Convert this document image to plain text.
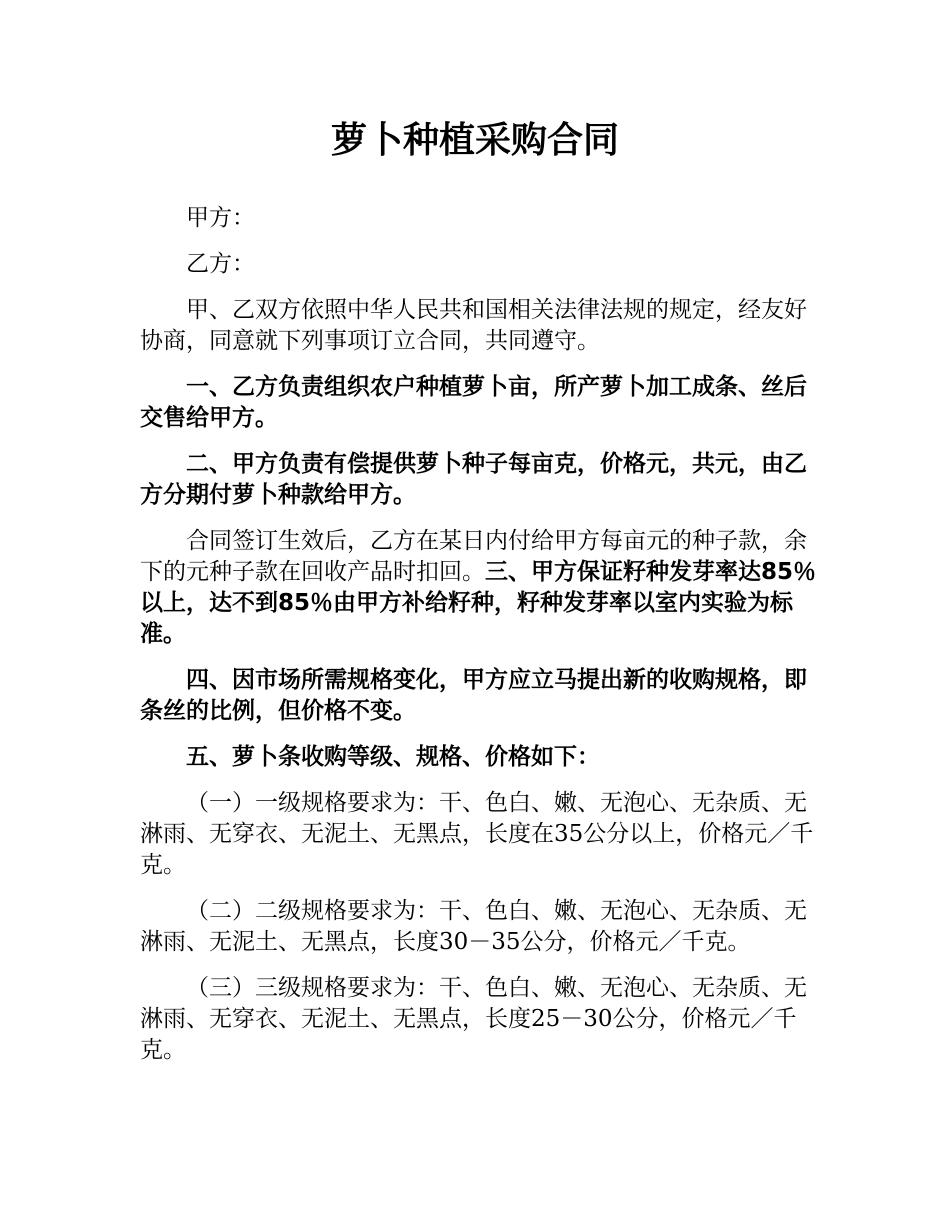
萝卜种植采购合同

甲方：

乙方：

甲、乙双方依照中华人民共和国相关法律法规的规定，经友好协商，同意就下列事项订立合同，共同遵守。

一、乙方负责组织农户种植萝卜亩，所产萝卜加工成条、丝后交售给甲方。

二、甲方负责有偿提供萝卜种子每亩克，价格元，共元，由乙方分期付萝卜种款给甲方。

合同签订生效后，乙方在某日内付给甲方每亩元的种子款，余下的元种子款在回收产品时扣回。三、甲方保证籽种发芽率达85％以上，达不到85％由甲方补给籽种，籽种发芽率以室内实验为标准。

四、因市场所需规格变化，甲方应立马提出新的收购规格，即条丝的比例，但价格不变。

五、萝卜条收购等级、规格、价格如下：

（一）一级规格要求为：干、色白、嫩、无泡心、无杂质、无淋雨、无穿衣、无泥土、无黑点，长度在35公分以上，价格元／千克。

（二）二级规格要求为：干、色白、嫩、无泡心、无杂质、无淋雨、无泥土、无黑点，长度30－35公分，价格元／千克。

（三）三级规格要求为：干、色白、嫩、无泡心、无杂质、无淋雨、无穿衣、无泥土、无黑点，长度25－30公分，价格元／千克。
